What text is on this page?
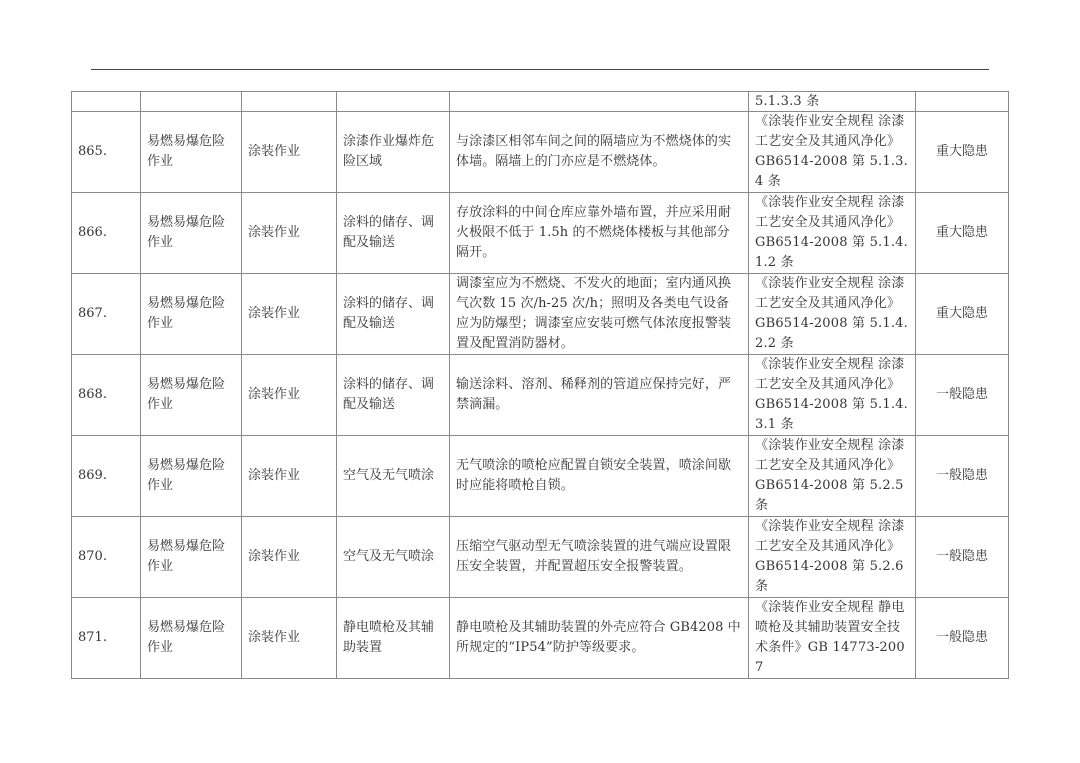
					5.1.3.3 条	
865.	易燃易爆危险作业	涂装作业	涂漆作业爆炸危险区域	与涂漆区相邻车间之间的隔墙应为不燃烧体的实体墙。隔墙上的门亦应是不燃烧体。	《涂装作业安全规程 涂漆工艺安全及其通风净化》GB6514-2008 第 5.1.3.4 条	重大隐患
866.	易燃易爆危险作业	涂装作业	涂料的储存、调配及输送	存放涂料的中间仓库应靠外墙布置，并应采用耐火极限不低于 1.5h 的不燃烧体楼板与其他部分隔开。	《涂装作业安全规程 涂漆工艺安全及其通风净化》GB6514-2008 第 5.1.4.1.2 条	重大隐患
867.	易燃易爆危险作业	涂装作业	涂料的储存、调配及输送	调漆室应为不燃烧、不发火的地面；室内通风换气次数 15 次/h-25 次/h；照明及各类电气设备应为防爆型；调漆室应安装可燃气体浓度报警装置及配置消防器材。	《涂装作业安全规程 涂漆工艺安全及其通风净化》GB6514-2008 第 5.1.4.2.2 条	重大隐患
868.	易燃易爆危险作业	涂装作业	涂料的储存、调配及输送	输送涂料、溶剂、稀释剂的管道应保持完好，严禁滴漏。	《涂装作业安全规程 涂漆工艺安全及其通风净化》GB6514-2008 第 5.1.4.3.1 条	一般隐患
869.	易燃易爆危险作业	涂装作业	空气及无气喷涂	无气喷涂的喷枪应配置自锁安全装置，喷涂间歇时应能将喷枪自锁。	《涂装作业安全规程 涂漆工艺安全及其通风净化》GB6514-2008 第 5.2.5 条	一般隐患
870.	易燃易爆危险作业	涂装作业	空气及无气喷涂	压缩空气驱动型无气喷涂装置的进气端应设置限压安全装置，并配置超压安全报警装置。	《涂装作业安全规程 涂漆工艺安全及其通风净化》GB6514-2008 第 5.2.6 条	一般隐患
871.	易燃易爆危险作业	涂装作业	静电喷枪及其辅助装置	静电喷枪及其辅助装置的外壳应符合 GB4208 中所规定的“IP54”防护等级要求。	《涂装作业安全规程 静电喷枪及其辅助装置安全技术条件》GB 14773-2007	一般隐患
